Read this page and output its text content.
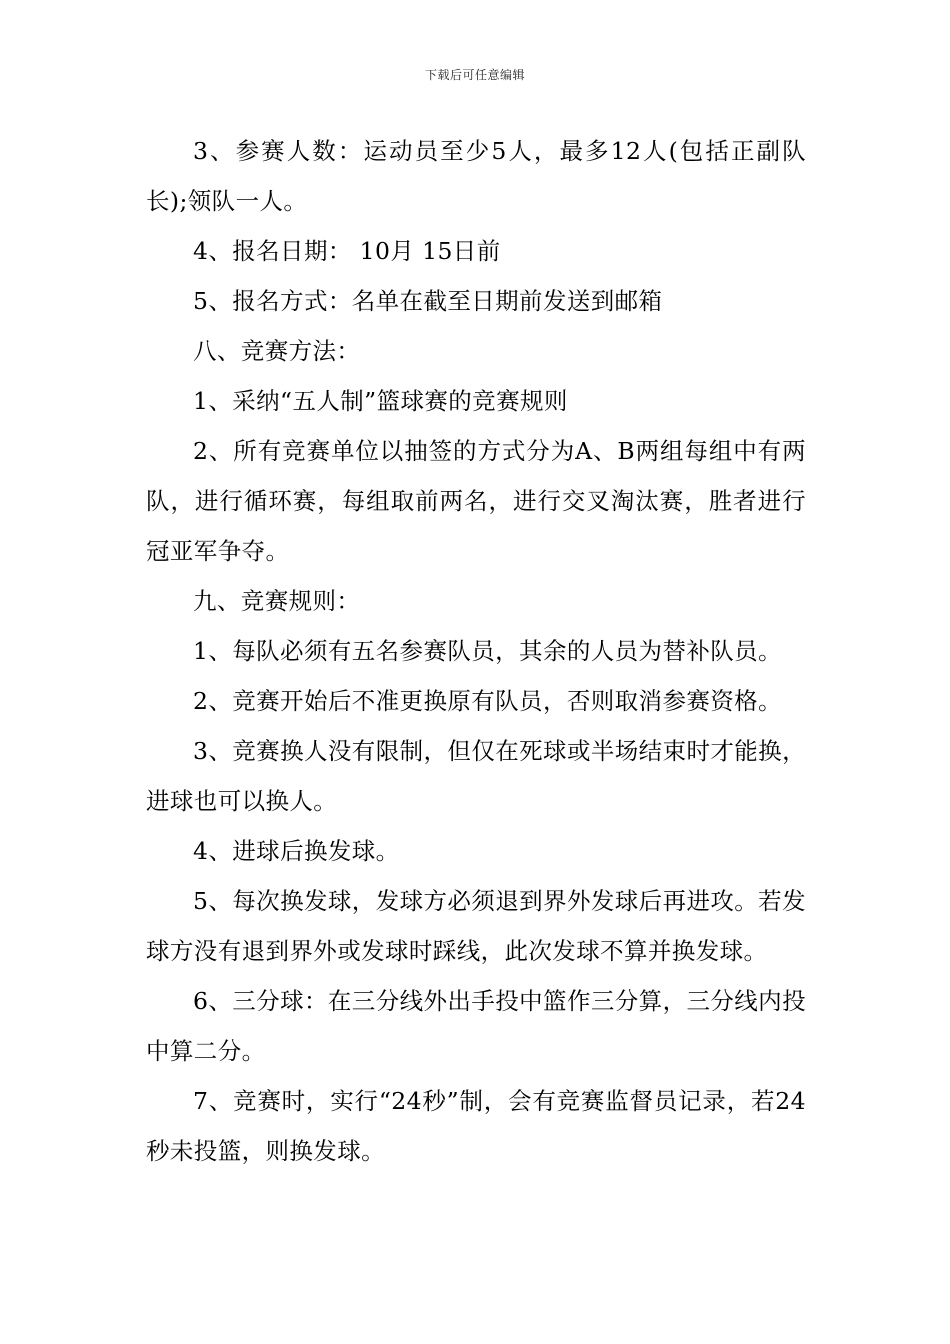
下载后可任意编辑

3、参赛人数：运动员至少5人，最多12人(包括正副队长);领队一人。

4、报名日期： 10月 15日前

5、报名方式：名单在截至日期前发送到邮箱

八、竞赛方法：

1、采纳“五人制”篮球赛的竞赛规则

2、所有竞赛单位以抽签的方式分为A、B两组每组中有两队，进行循环赛，每组取前两名，进行交叉淘汰赛，胜者进行冠亚军争夺。

九、竞赛规则：

1、每队必须有五名参赛队员，其余的人员为替补队员。

2、竞赛开始后不准更换原有队员，否则取消参赛资格。

3、竞赛换人没有限制，但仅在死球或半场结束时才能换，进球也可以换人。

4、进球后换发球。

5、每次换发球，发球方必须退到界外发球后再进攻。若发球方没有退到界外或发球时踩线，此次发球不算并换发球。

6、三分球：在三分线外出手投中篮作三分算，三分线内投中算二分。

7、竞赛时，实行“24秒”制，会有竞赛监督员记录，若24秒未投篮，则换发球。
